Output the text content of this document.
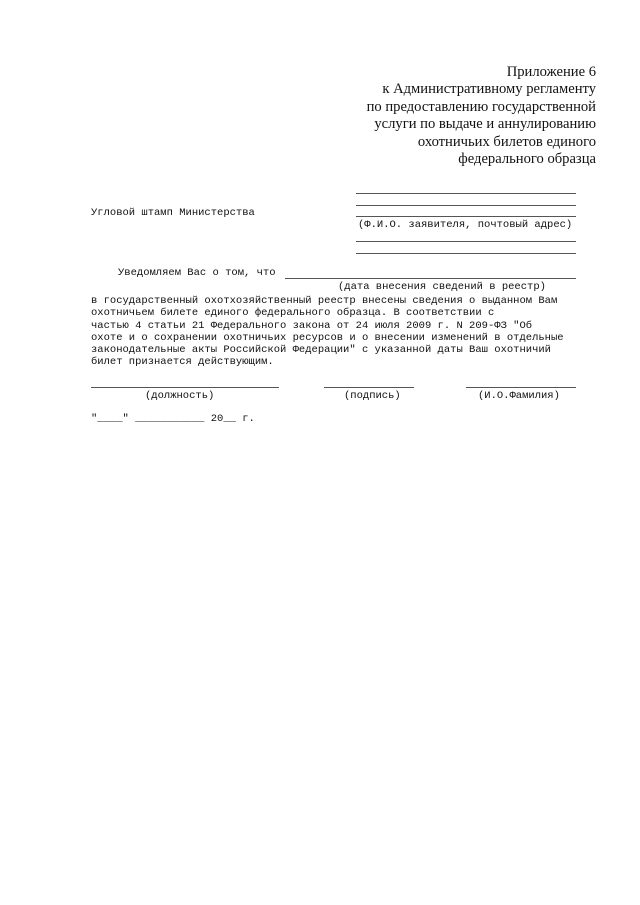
Приложение 6
к Административному регламенту
по предоставлению государственной
услуги по выдаче и аннулированию
охотничьих билетов единого
федерального образца
(Ф.И.О. заявителя, почтовый адрес)
Угловой штамп Министерства
Уведомляем Вас о том, что
(дата внесения сведений в реестр)
в государственный охотхозяйственный реестр внесены сведения о выданном Вам
охотничьем билете единого федерального образца. В соответствии с
частью 4 статьи 21 Федерального закона от 24 июля 2009 г. N 209-ФЗ "Об
охоте и о сохранении охотничьих ресурсов и о внесении изменений в отдельные
законодательные акты Российской Федерации" с указанной даты Ваш охотничий
билет признается действующим.
(должность)	(подпись)	(И.О.Фамилия)
"____" ___________ 20__ г.
